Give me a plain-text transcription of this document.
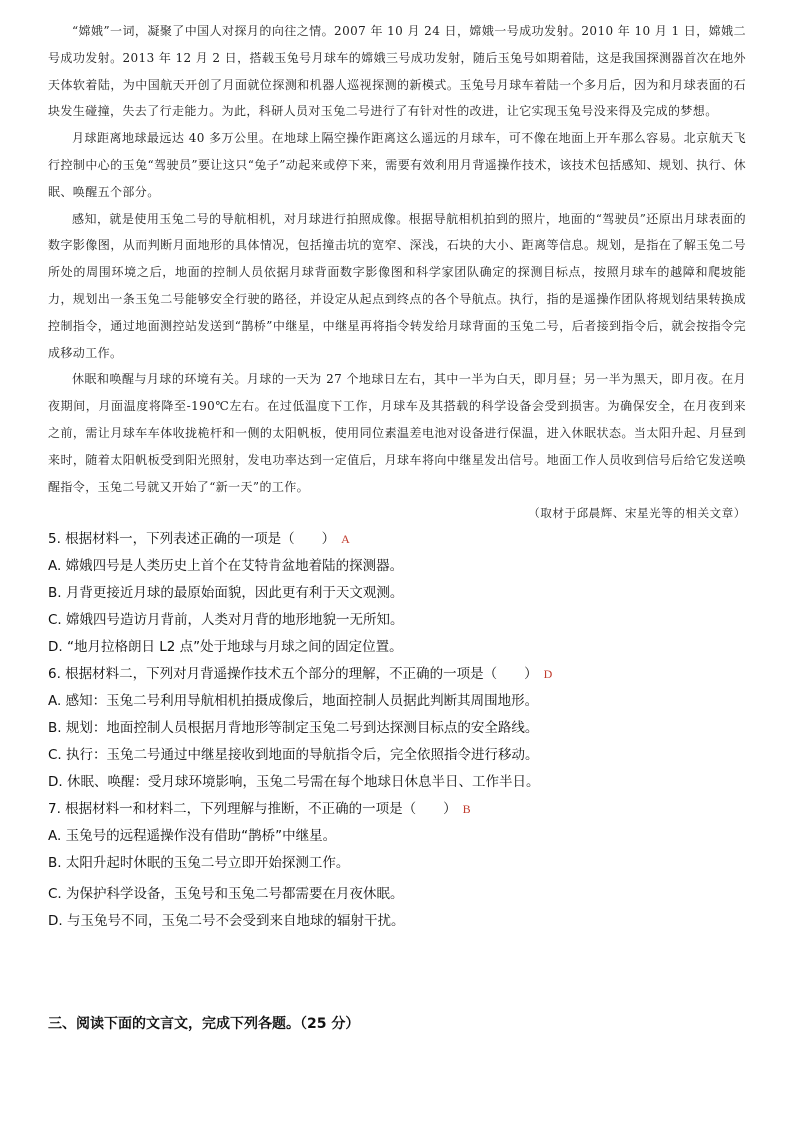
“嫦娥”一词，凝聚了中国人对探月的向往之情。2007 年 10 月 24 日，嫦娥一号成功发射。2010 年 10 月 1 日，嫦娥二号成功发射。2013 年 12 月 2 日，搭载玉兔号月球车的嫦娥三号成功发射，随后玉兔号如期着陆，这是我国探测器首次在地外天体软着陆，为中国航天开创了月面就位探测和机器人巡视探测的新模式。玉兔号月球车着陆一个多月后，因为和月球表面的石块发生碰撞，失去了行走能力。为此，科研人员对玉兔二号进行了有针对性的改进，让它实现玉兔号没来得及完成的梦想。

月球距离地球最远达 40 多万公里。在地球上隔空操作距离这么遥远的月球车，可不像在地面上开车那么容易。北京航天飞行控制中心的玉兔“驾驶员”要让这只“兔子”动起来或停下来，需要有效利用月背遥操作技术，该技术包括感知、规划、执行、休眠、唤醒五个部分。

感知，就是使用玉兔二号的导航相机，对月球进行拍照成像。根据导航相机拍到的照片，地面的“驾驶员”还原出月球表面的数字影像图，从而判断月面地形的具体情况，包括撞击坑的宽窄、深浅，石块的大小、距离等信息。规划，是指在了解玉兔二号所处的周围环境之后，地面的控制人员依据月球背面数字影像图和科学家团队确定的探测目标点，按照月球车的越障和爬坡能力，规划出一条玉兔二号能够安全行驶的路径，并设定从起点到终点的各个导航点。执行，指的是遥操作团队将规划结果转换成控制指令，通过地面测控站发送到“鹊桥”中继星，中继星再将指令转发给月球背面的玉兔二号，后者接到指令后，就会按指令完成移动工作。

休眠和唤醒与月球的环境有关。月球的一天为 27 个地球日左右，其中一半为白天，即月昼；另一半为黑天，即月夜。在月夜期间，月面温度将降至-190℃左右。在过低温度下工作，月球车及其搭载的科学设备会受到损害。为确保安全，在月夜到来之前，需让月球车车体收拢桅杆和一侧的太阳帆板，使用同位素温差电池对设备进行保温，进入休眠状态。当太阳升起、月昼到来时，随着太阳帆板受到阳光照射，发电功率达到一定值后，月球车将向中继星发出信号。地面工作人员收到信号后给它发送唤醒指令，玉兔二号就又开始了“新一天”的工作。

（取材于邱晨辉、宋星光等的相关文章）

5. 根据材料一，下列表述正确的一项是（　　） A

A. 嫦娥四号是人类历史上首个在艾特肯盆地着陆的探测器。

B. 月背更接近月球的最原始面貌，因此更有利于天文观测。

C. 嫦娥四号造访月背前，人类对月背的地形地貌一无所知。

D. “地月拉格朗日 L2 点”处于地球与月球之间的固定位置。

6. 根据材料二，下列对月背遥操作技术五个部分的理解，不正确的一项是（　　） D

A. 感知：玉兔二号利用导航相机拍摄成像后，地面控制人员据此判断其周围地形。

B. 规划：地面控制人员根据月背地形等制定玉兔二号到达探测目标点的安全路线。

C. 执行：玉兔二号通过中继星接收到地面的导航指令后，完全依照指令进行移动。

D. 休眠、唤醒：受月球环境影响，玉兔二号需在每个地球日休息半日、工作半日。

7. 根据材料一和材料二，下列理解与推断，不正确的一项是（　　） B

A. 玉兔号的远程遥操作没有借助“鹊桥”中继星。

B. 太阳升起时休眠的玉兔二号立即开始探测工作。

C. 为保护科学设备，玉兔号和玉兔二号都需要在月夜休眠。

D. 与玉兔号不同，玉兔二号不会受到来自地球的辐射干扰。

三、阅读下面的文言文，完成下列各题。（25 分）
